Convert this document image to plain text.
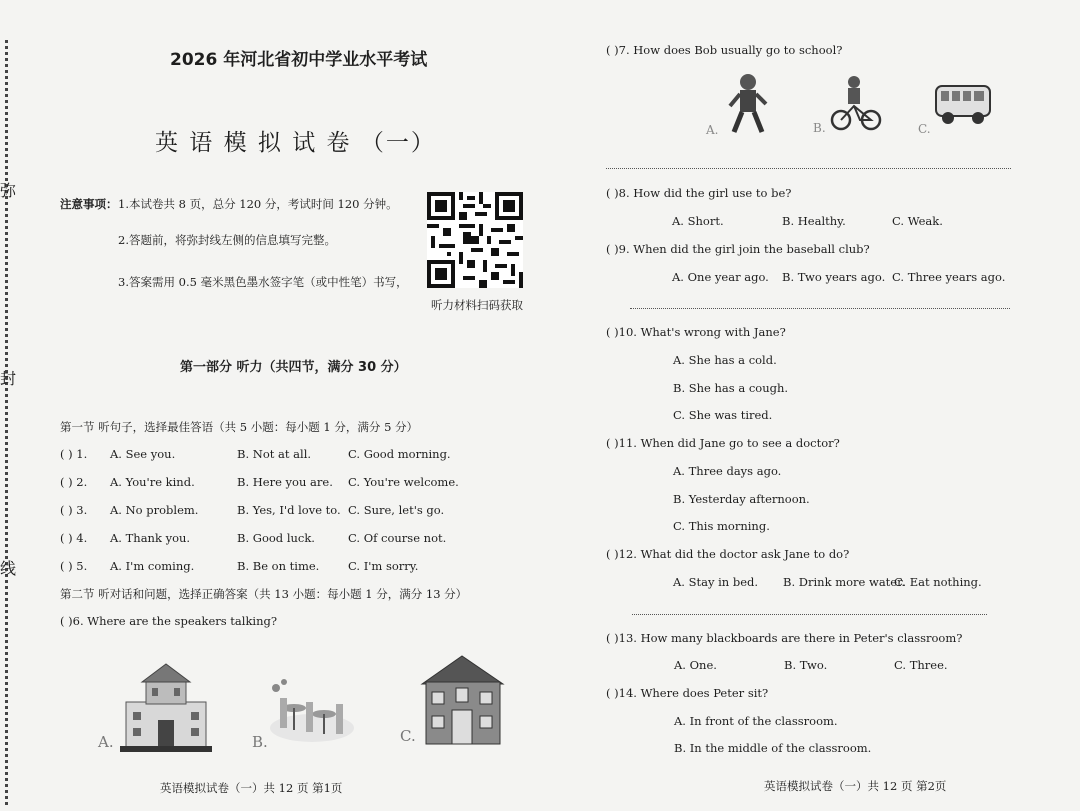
弥
封
线
2026 年河北省初中学业水平考试
英 语 模 拟 试 卷 （一）
注意事项： 1.本试卷共 8 页，总分 120 分，考试时间 120 分钟。
2.答题前，将弥封线左侧的信息填写完整。
3.答案需用 0.5 毫米黑色墨水签字笔（或中性笔）书写，
听力材料扫码获取
第一部分 听力（共四节，满分 30 分）
第一节 听句子，选择最佳答语（共 5 小题：每小题 1 分，满分 5 分）
( ) 1. A. See you.	B. Not at all.	C. Good morning.
( ) 2. A. You're kind.	B. Here you are. C. You're welcome.
( ) 3. A. No problem.	B. Yes, I'd love to. C. Sure, let's go.
( ) 4. A. Thank you.	B. Good luck.	C. Of course not.
( ) 5. A. I'm coming.	B. Be on time. C. I'm sorry.
第二节 听对话和问题，选择正确答案（共 13 小题：每小题 1 分，满分 13 分）
( )6. Where are the speakers talking?
A.	B.	C.
英语模拟试卷（一）共 12 页 第1页
( )7. How does Bob usually go to school?
A.	B.	C.
( )8. How did the girl use to be?
A. Short.	B. Healthy.	C. Weak.
( )9. When did the girl join the baseball club?
A. One year ago. B. Two years ago. C. Three years ago.
( )10. What's wrong with Jane?
A. She has a cold.
B. She has a cough.
C. She was tired.
( )11. When did Jane go to see a doctor?
A. Three days ago.
B. Yesterday afternoon.
C. This morning.
( )12. What did the doctor ask Jane to do?
A. Stay in bed. B. Drink more water.
C. Eat nothing.
( )13. How many blackboards are there in Peter's classroom?
A. One.	B. Two.	C. Three.
( )14. Where does Peter sit?
A. In front of the classroom.
B. In the middle of the classroom.
英语模拟试卷（一）共 12 页 第2页
